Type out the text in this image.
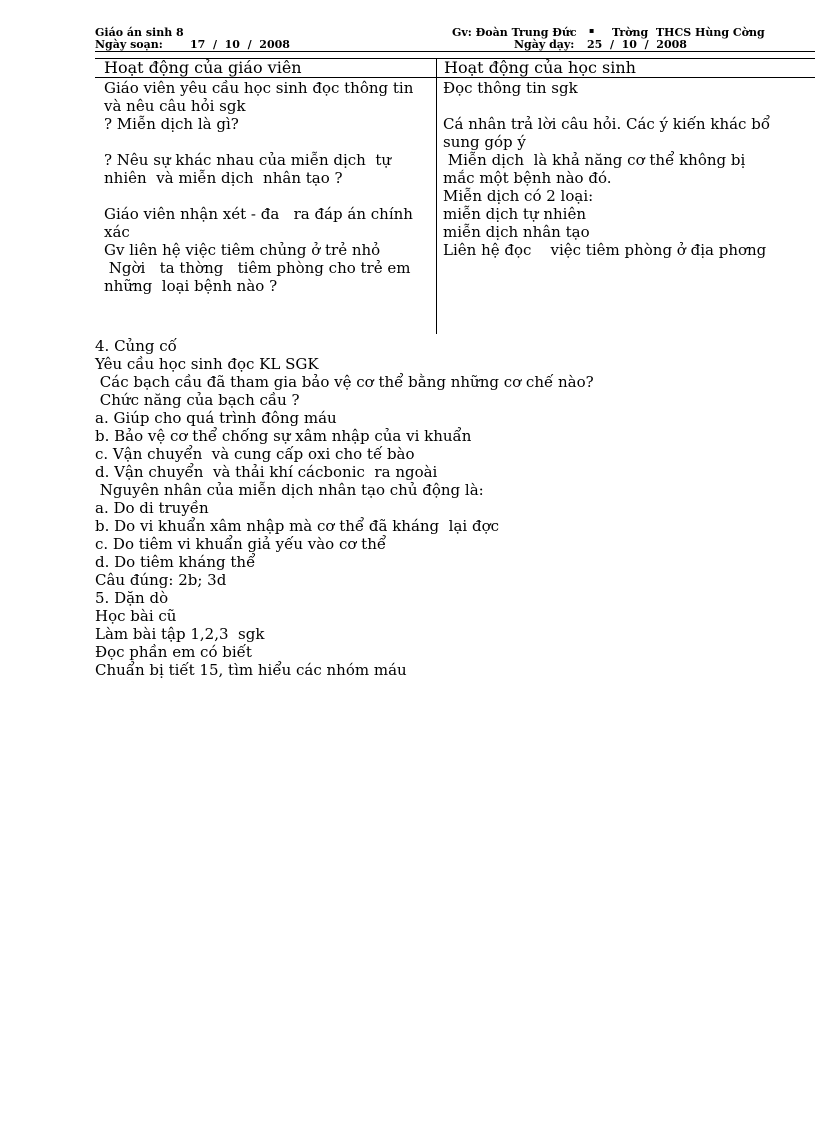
Giáo án sinh 8
Ngày soạn: 17  /  10  /  2008
Gv: Đoàn Trung Đức ▪ Trờng  THCS Hùng Cờng
Ngày dạy: 25  /  10  /  2008
Hoạt động của giáo viên	Hoạt động của học sinh
Giáo viên yêu cầu học sinh đọc thông tin
và nêu câu hỏi sgk
? Miễn dịch là gì?
? Nêu sự khác nhau của miễn dịch  tự
nhiên  và miễn dịch  nhân tạo ?
Giáo viên nhận xét - đa   ra đáp án chính
xác
Gv liên hệ việc tiêm chủng ở trẻ nhỏ
Ngời   ta thờng   tiêm phòng cho trẻ em
những  loại bệnh nào ?
Đọc thông tin sgk
Cá nhân trả lời câu hỏi. Các ý kiến khác bổ
sung góp ý
Miễn dịch  là khả năng cơ thể không bị
mắc một bệnh nào đó.
Miễn dịch có 2 loại:
miễn dịch tự nhiên
miễn dịch nhân tạo
Liên hệ đọc    việc tiêm phòng ở địa phơng
4. Củng cố
Yêu cầu học sinh đọc KL SGK
Các bạch cầu đã tham gia bảo vệ cơ thể bằng những cơ chế nào?
Chức năng của bạch cầu ?
a. Giúp cho quá trình đông máu
b. Bảo vệ cơ thể chống sự xâm nhập của vi khuẩn
c. Vận chuyển  và cung cấp oxi cho tế bào
d. Vận chuyển  và thải khí cácbonic  ra ngoài
Nguyên nhân của miễn dịch nhân tạo chủ động là:
a. Do di truyền
b. Do vi khuẩn xâm nhập mà cơ thể đã kháng  lại đợc
c. Do tiêm vi khuẩn giả yếu vào cơ thể
d. Do tiêm kháng thể
Câu đúng: 2b; 3d
5. Dặn dò
Học bài cũ
Làm bài tập 1,2,3  sgk
Đọc phần em có biết
Chuẩn bị tiết 15, tìm hiểu các nhóm máu
